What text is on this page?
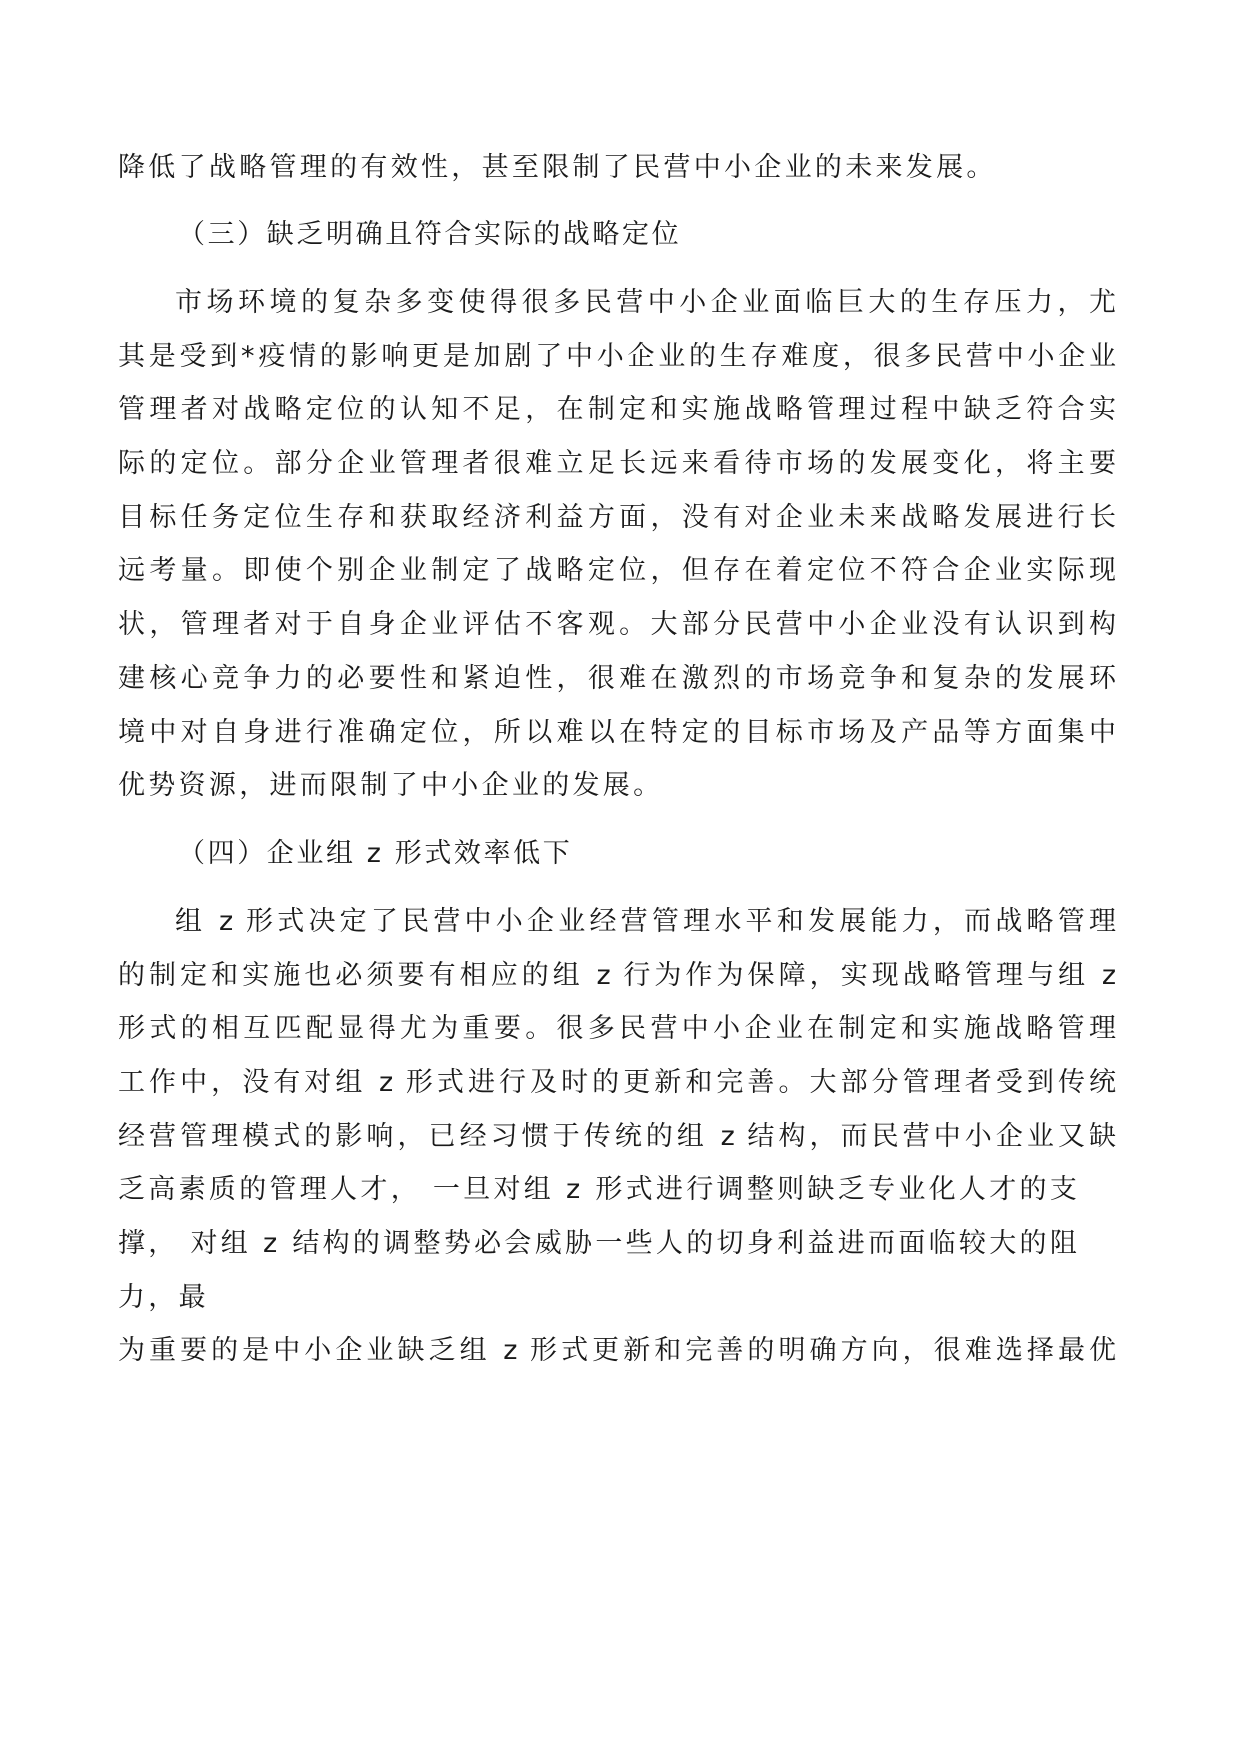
降低了战略管理的有效性，甚至限制了民营中小企业的未来发展。
（三）缺乏明确且符合实际的战略定位
市场环境的复杂多变使得很多民营中小企业面临巨大的生存压力，尤
其是受到*疫情的影响更是加剧了中小企业的生存难度，很多民营中小企业
管理者对战略定位的认知不足，在制定和实施战略管理过程中缺乏符合实
际的定位。部分企业管理者很难立足长远来看待市场的发展变化，将主要
目标任务定位生存和获取经济利益方面，没有对企业未来战略发展进行长
远考量。即使个别企业制定了战略定位，但存在着定位不符合企业实际现
状，管理者对于自身企业评估不客观。大部分民营中小企业没有认识到构
建核心竞争力的必要性和紧迫性，很难在激烈的市场竞争和复杂的发展环
境中对自身进行准确定位，所以难以在特定的目标市场及产品等方面集中
优势资源，进而限制了中小企业的发展。
（四）企业组 z 形式效率低下
组 z 形式决定了民营中小企业经营管理水平和发展能力，而战略管理
的制定和实施也必须要有相应的组 z 行为作为保障，实现战略管理与组 z
形式的相互匹配显得尤为重要。很多民营中小企业在制定和实施战略管理
工作中，没有对组 z 形式进行及时的更新和完善。大部分管理者受到传统
经营管理模式的影响，已经习惯于传统的组 z 结构，而民营中小企业又缺
乏高素质的管理人才， 一旦对组 z 形式进行调整则缺乏专业化人才的支
撑， 对组 z 结构的调整势必会威胁一些人的切身利益进而面临较大的阻
力，最
为重要的是中小企业缺乏组 z 形式更新和完善的明确方向，很难选择最优
